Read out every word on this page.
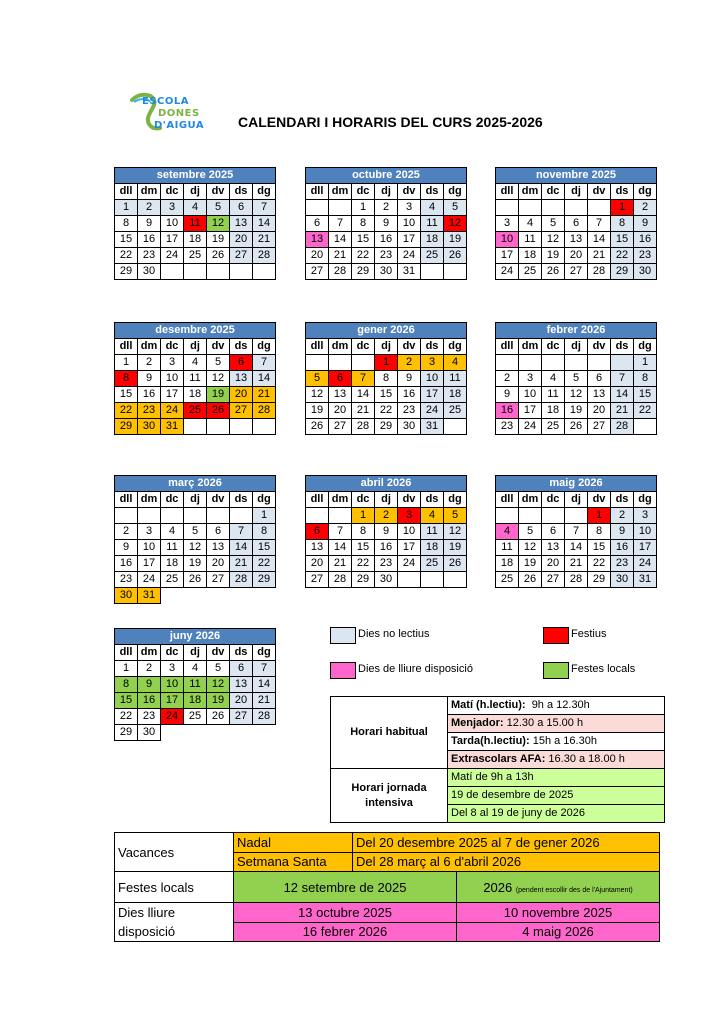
ESCOLA
DONES
D'AIGUA CALENDARI I HORARIS DEL CURS 2025-2026
setembre 2025						
dll	dm	dc	dj	dv	ds	dg
1	2	3	4	5	6	7
8	9	10	11	12	13	14
15	16	17	18	19	20	21
22	23	24	25	26	27	28
29	30					
octubre 2025						
dll	dm	dc	dj	dv	ds	dg
		1	2	3	4	5
6	7	8	9	10	11	12
13	14	15	16	17	18	19
20	21	22	23	24	25	26
27	28	29	30	31		
novembre 2025						
dll	dm	dc	dj	dv	ds	dg
					1	2
3	4	5	6	7	8	9
10	11	12	13	14	15	16
17	18	19	20	21	22	23
24	25	26	27	28	29	30
desembre 2025						
dll	dm	dc	dj	dv	ds	dg
1	2	3	4	5	6	7
8	9	10	11	12	13	14
15	16	17	18	19	20	21
22	23	24	25	26	27	28
29	30	31				
gener 2026						
dll	dm	dc	dj	dv	ds	dg
			1	2	3	4
5	6	7	8	9	10	11
12	13	14	15	16	17	18
19	20	21	22	23	24	25
26	27	28	29	30	31	
febrer 2026						
dll	dm	dc	dj	dv	ds	dg
						1
2	3	4	5	6	7	8
9	10	11	12	13	14	15
16	17	18	19	20	21	22
23	24	25	26	27	28	
març 2026						
dll	dm	dc	dj	dv	ds	dg
						1
2	3	4	5	6	7	8
9	10	11	12	13	14	15
16	17	18	19	20	21	22
23	24	25	26	27	28	29
30	31					
abril 2026						
dll	dm	dc	dj	dv	ds	dg
		1	2	3	4	5
6	7	8	9	10	11	12
13	14	15	16	17	18	19
20	21	22	23	24	25	26
27	28	29	30			
maig 2026						
dll	dm	dc	dj	dv	ds	dg
				1	2	3
4	5	6	7	8	9	10
11	12	13	14	15	16	17
18	19	20	21	22	23	24
25	26	27	28	29	30	31
juny 2026						
dll	dm	dc	dj	dv	ds	dg
1	2	3	4	5	6	7
8	9	10	11	12	13	14
15	16	17	18	19	20	21
22	23	24	25	26	27	28
29	30					
Dies no lectius	Festius
Dies de lliure disposició	Festes locals
Horari habitual	Matí (h.lectiu): 9h a 12.30h
	Menjador: 12.30 a 15.00 h
	Tarda(h.lectiu): 15h a 16.30h
	Extrascolars AFA: 16.30 a 18.00 h
Horari jornada intensiva	Matí de 9h a 13h
	19 de desembre de 2025
	Del 8 al 19 de juny de 2026
Vacances	Nadal	Del 20 desembre 2025 al 7 de gener 2026	
	Setmana Santa	Del 28 març al 6 d'abril 2026	
Festes locals	12 setembre de 2025		2026 (pendent escollir des de l'Ajuntament)
Dies lliure disposició	13 octubre 2025		10 novembre 2025
	16 febrer 2026		4 maig 2026
